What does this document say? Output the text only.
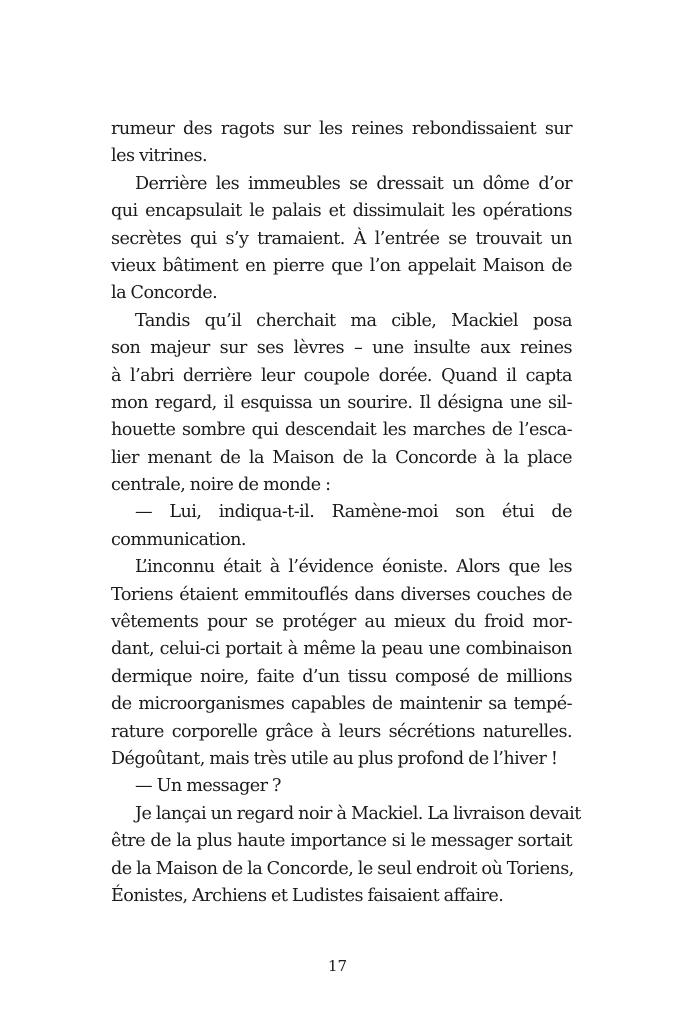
rumeur des ragots sur les reines rebondissaient sur
les vitrines.
Derrière les immeubles se dressait un dôme d’or
qui encapsulait le palais et dissimulait les opérations
secrètes qui s’y tramaient. À l’entrée se trouvait un
vieux bâtiment en pierre que l’on appelait Maison de
la Concorde.
Tandis qu’il cherchait ma cible, Mackiel posa
son majeur sur ses lèvres – une insulte aux reines
à l’abri derrière leur coupole dorée. Quand il capta
mon regard, il esquissa un sourire. Il désigna une sil-
houette sombre qui descendait les marches de l’esca-
lier menant de la Maison de la Concorde à la place
centrale, noire de monde :
— Lui, indiqua-t-il. Ramène-moi son étui de
communication.
L’inconnu était à l’évidence éoniste. Alors que les
Toriens étaient emmitouflés dans diverses couches de
vêtements pour se protéger au mieux du froid mor-
dant, celui-ci portait à même la peau une combinaison
dermique noire, faite d’un tissu composé de millions
de microorganismes capables de maintenir sa tempé-
rature corporelle grâce à leurs sécrétions naturelles.
Dégoûtant, mais très utile au plus profond de l’hiver !
— Un messager ?
Je lançai un regard noir à Mackiel. La livraison devait
être de la plus haute importance si le messager sortait
de la Maison de la Concorde, le seul endroit où Toriens,
Éonistes, Archiens et Ludistes faisaient affaire.
17
